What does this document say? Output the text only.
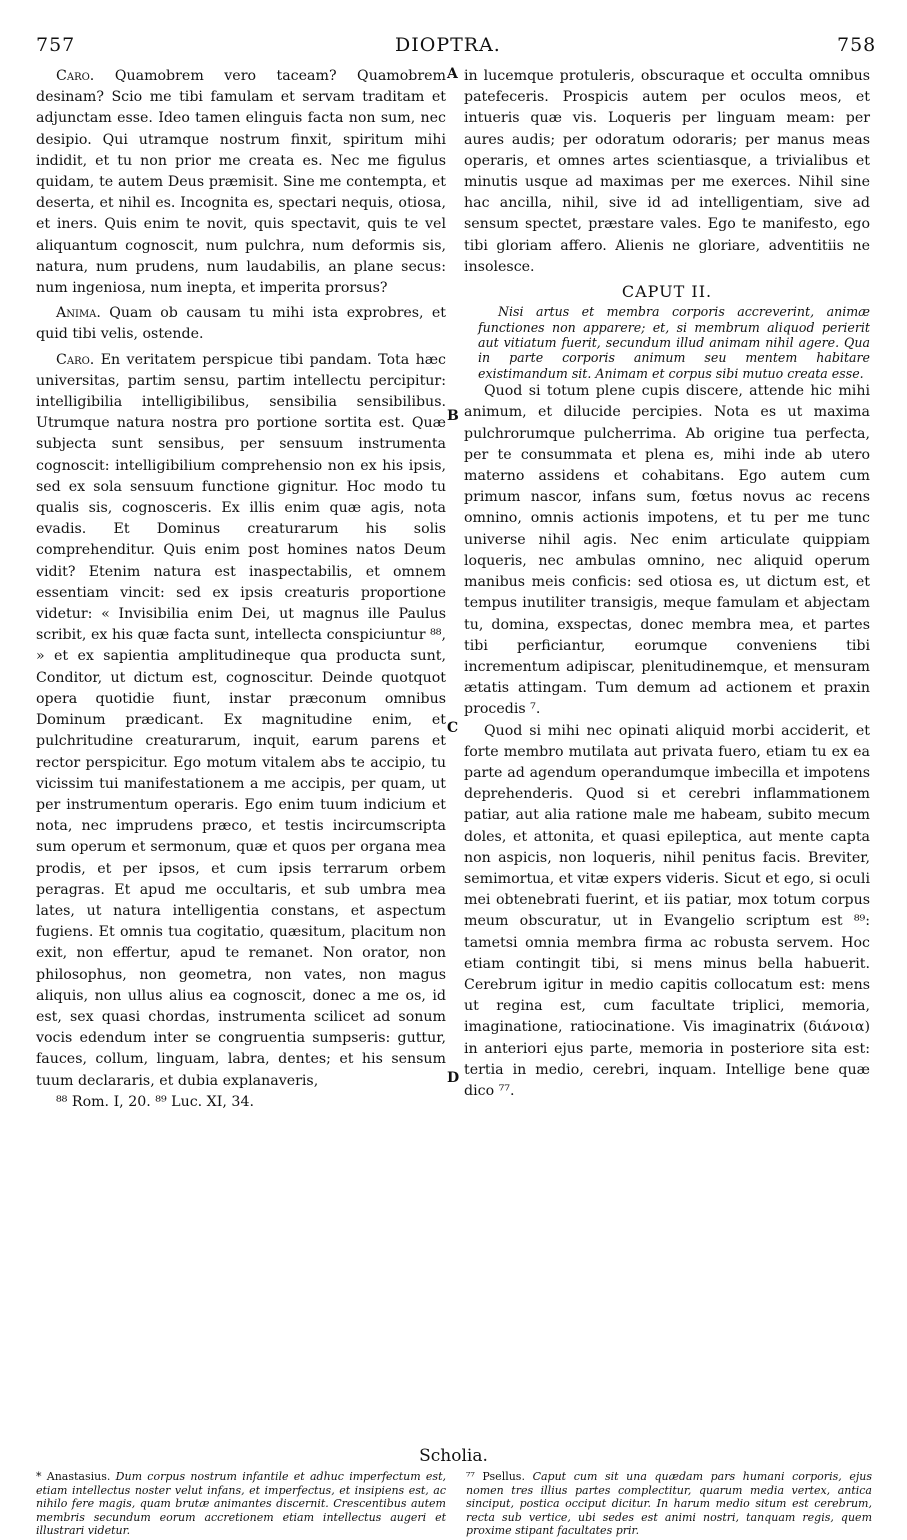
757	DIOPTRA.	758

Caro. Quamobrem vero taceam? Quamobrem desinam? Scio me tibi famulam et servam traditam et adjunctam esse. Ideo tamen elinguis facta non sum, nec desipio. Qui utramque nostrum finxit, spiritum mihi indidit, et tu non prior me creata es. Nec me figulus quidam, te autem Deus præmisit. Sine me contempta, et deserta, et nihil es. Incognita es, spectari nequis, otiosa, et iners. Quis enim te novit, quis spectavit, quis te vel aliquantum cognoscit, num pulchra, num deformis sis, natura, num prudens, num laudabilis, an plane secus: num ingeniosa, num inepta, et imperita prorsus?

Anima. Quam ob causam tu mihi ista exprobres, et quid tibi velis, ostende.

Caro. En veritatem perspicue tibi pandam. Tota hæc universitas, partim sensu, partim intellectu percipitur: intelligibilia intelligibilibus, sensibilia sensibilibus. Utrumque natura nostra pro portione sortita est. Quæ subjecta sunt sensibus, per sensuum instrumenta cognoscit: intelligibilium comprehensio non ex his ipsis, sed ex sola sensuum functione gignitur. Hoc modo tu qualis sis, cognosceris. Ex illis enim quæ agis, nota evadis. Et Dominus creaturarum his solis comprehenditur. Quis enim post homines natos Deum vidit? Etenim natura est inaspectabilis, et omnem essentiam vincit: sed ex ipsis creaturis proportione videtur: « Invisibilia enim Dei, ut magnus ille Paulus scribit, ex his quæ facta sunt, intellecta conspiciuntur ⁸⁸, » et ex sapientia amplitudineque qua producta sunt, Conditor, ut dictum est, cognoscitur. Deinde quotquot opera quotidie fiunt, instar præconum omnibus Dominum prædicant. Ex magnitudine enim, et pulchritudine creaturarum, inquit, earum parens et rector perspicitur. Ego motum vitalem abs te accipio, tu vicissim tui manifestationem a me accipis, per quam, ut per instrumentum operaris. Ego enim tuum indicium et nota, nec imprudens præco, et testis incircumscripta sum operum et sermonum, quæ et quos per organa mea prodis, et per ipsos, et cum ipsis terrarum orbem peragras. Et apud me occultaris, et sub umbra mea lates, ut natura intelligentia constans, et aspectum fugiens. Et omnis tua cogitatio, quæsitum, placitum non exit, non effertur, apud te remanet. Non orator, non philosophus, non geometra, non vates, non magus aliquis, non ullus alius ea cognoscit, donec a me os, id est, sex quasi chordas, instrumenta scilicet ad sonum vocis edendum inter se congruentia sumpseris: guttur, fauces, collum, linguam, labra, dentes; et his sensum tuum declararis, et dubia explanaveris,

⁸⁸ Rom. I, 20. ⁸⁹ Luc. XI, 34.

A
B
C
D

in lucemque protuleris, obscuraque et occulta omnibus patefeceris. Prospicis autem per oculos meos, et intueris quæ vis. Loqueris per linguam meam: per aures audis; per odoratum odoraris; per manus meas operaris, et omnes artes scientiasque, a trivialibus et minutis usque ad maximas per me exerces. Nihil sine hac ancilla, nihil, sive id ad intelligentiam, sive ad sensum spectet, præstare vales. Ego te manifesto, ego tibi gloriam affero. Alienis ne gloriare, adventitiis ne insolesce.

CAPUT II.

Nisi artus et membra corporis accreverint, animæ functiones non apparere; et, si membrum aliquod perierit aut vitiatum fuerit, secundum illud animam nihil agere. Qua in parte corporis animum seu mentem habitare existimandum sit. Animam et corpus sibi mutuo creata esse.

Quod si totum plene cupis discere, attende hic mihi animum, et dilucide percipies. Nota es ut maxima pulchrorumque pulcherrima. Ab origine tua perfecta, per te consummata et plena es, mihi inde ab utero materno assidens et cohabitans. Ego autem cum primum nascor, infans sum, fœtus novus ac recens omnino, omnis actionis impotens, et tu per me tunc universe nihil agis. Nec enim articulate quippiam loqueris, nec ambulas omnino, nec aliquid operum manibus meis conficis: sed otiosa es, ut dictum est, et tempus inutiliter transigis, meque famulam et abjectam tu, domina, exspectas, donec membra mea, et partes tibi perficiantur, eorumque conveniens tibi incrementum adipiscar, plenitudinemque, et mensuram ætatis attingam. Tum demum ad actionem et praxin procedis ⁷.

Quod si mihi nec opinati aliquid morbi acciderit, et forte membro mutilata aut privata fuero, etiam tu ex ea parte ad agendum operandumque imbecilla et impotens deprehenderis. Quod si et cerebri inflammationem patiar, aut alia ratione male me habeam, subito mecum doles, et attonita, et quasi epileptica, aut mente capta non aspicis, non loqueris, nihil penitus facis. Breviter, semimortua, et vitæ expers videris. Sicut et ego, si oculi mei obtenebrati fuerint, et iis patiar, mox totum corpus meum obscuratur, ut in Evangelio scriptum est ⁸⁹: tametsi omnia membra firma ac robusta servem. Hoc etiam contingit tibi, si mens minus bella habuerit. Cerebrum igitur in medio capitis collocatum est: mens ut regina est, cum facultate triplici, memoria, imaginatione, ratiocinatione. Vis imaginatrix (διάνοια) in anteriori ejus parte, memoria in posteriore sita est: tertia in medio, cerebri, inquam. Intellige bene quæ dico ⁷⁷.

Scholia.
* Anastasius. Dum corpus nostrum infantile et adhuc imperfectum est, etiam intellectus noster velut infans, et imperfectus, et insipiens est, ac nihilo fere magis, quam brutæ animantes discernit. Crescentibus autem membris secundum eorum accretionem etiam intellectus augeri et illustrari videtur.
⁷⁷ Psellus. Caput cum sit una quædam pars humani corporis, ejus nomen tres illius partes complectitur, quarum media vertex, antica sinciput, postica occiput dicitur. In harum medio situm est cerebrum, recta sub vertice, ubi sedes est animi nostri, tanquam regis, quem proxime stipant facultates prir.
